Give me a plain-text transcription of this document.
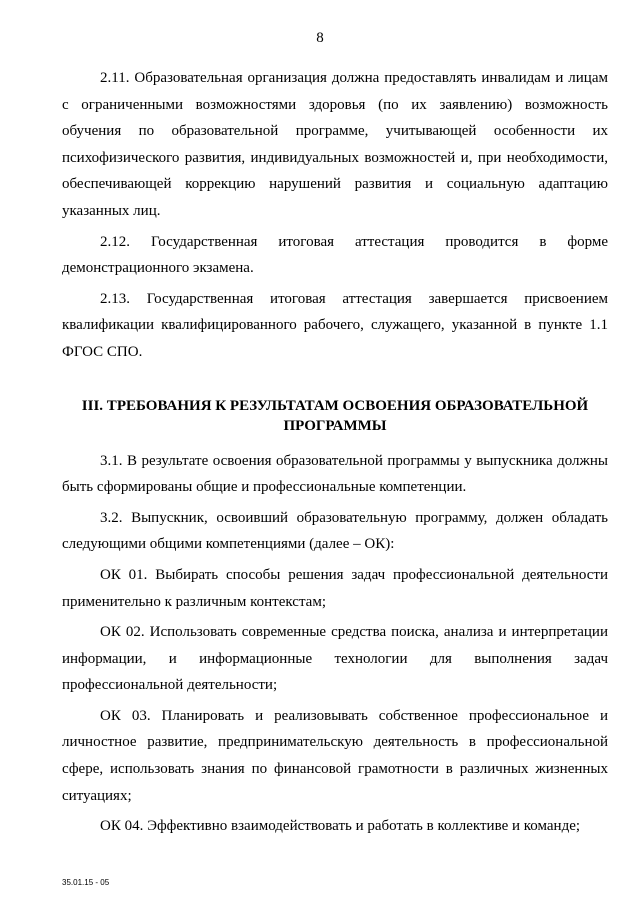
8

2.11. Образовательная организация должна предоставлять инвалидам и лицам с ограниченными возможностями здоровья (по их заявлению) возможность обучения по образовательной программе, учитывающей особенности их психофизического развития, индивидуальных возможностей и, при необходимости, обеспечивающей коррекцию нарушений развития и социальную адаптацию указанных лиц.

2.12. Государственная итоговая аттестация проводится в форме демонстрационного экзамена.

2.13. Государственная итоговая аттестация завершается присвоением квалификации квалифицированного рабочего, служащего, указанной в пункте 1.1 ФГОС СПО.

III. ТРЕБОВАНИЯ К РЕЗУЛЬТАТАМ ОСВОЕНИЯ ОБРАЗОВАТЕЛЬНОЙ
ПРОГРАММЫ

3.1. В результате освоения образовательной программы у выпускника должны быть сформированы общие и профессиональные компетенции.

3.2. Выпускник, освоивший образовательную программу, должен обладать следующими общими компетенциями (далее – ОК):

ОК 01. Выбирать способы решения задач профессиональной деятельности применительно к различным контекстам;

ОК 02. Использовать современные средства поиска, анализа и интерпретации информации, и информационные технологии для выполнения задач профессиональной деятельности;

ОК 03. Планировать и реализовывать собственное профессиональное и личностное развитие, предпринимательскую деятельность в профессиональной сфере, использовать знания по финансовой грамотности в различных жизненных ситуациях;

ОК 04. Эффективно взаимодействовать и работать в коллективе и команде;

35.01.15 - 05
